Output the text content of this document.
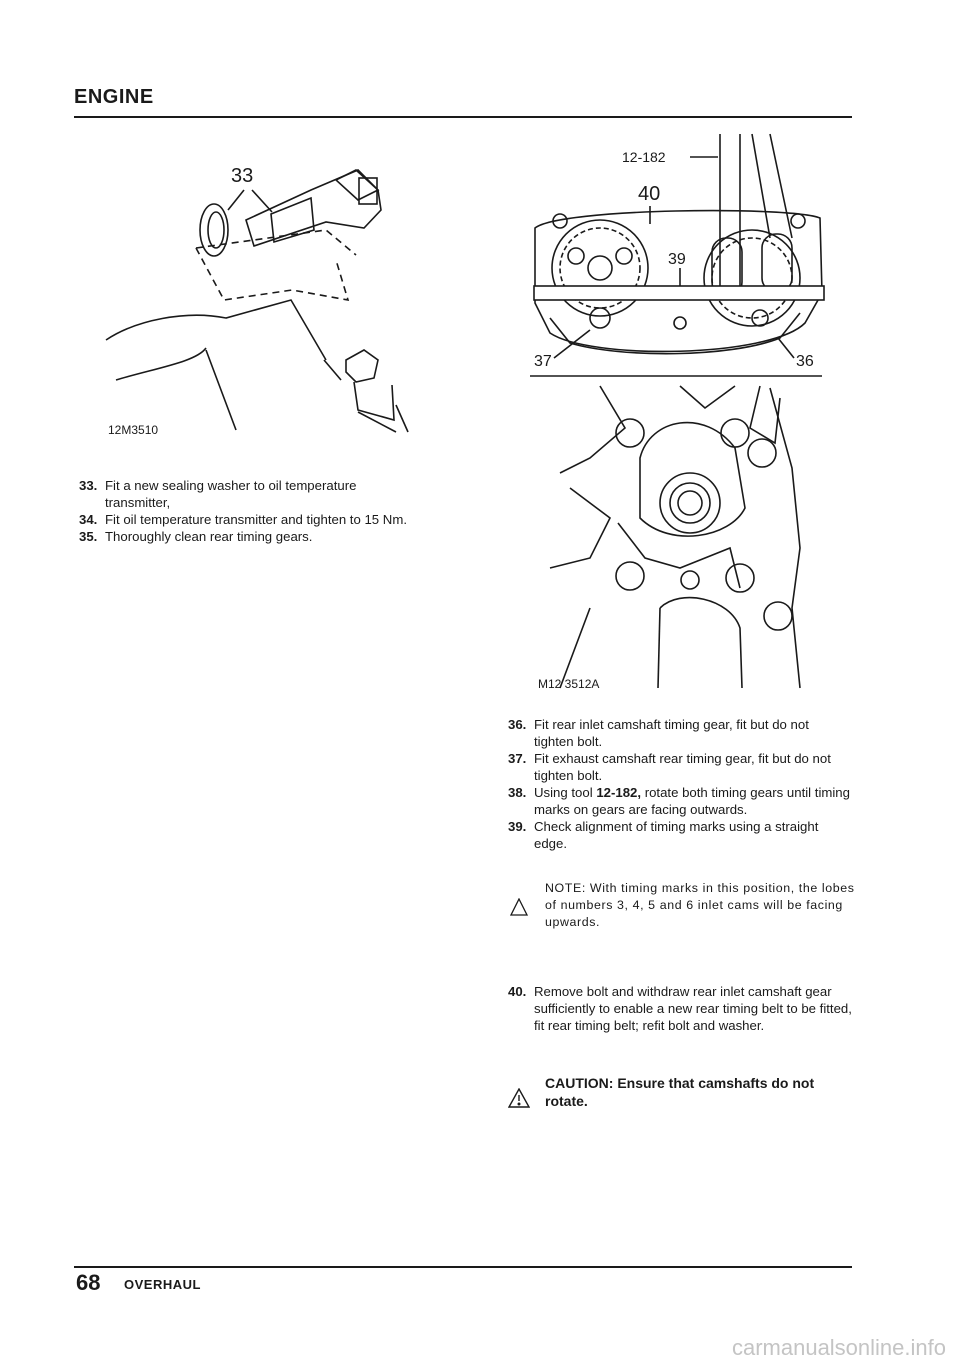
ENGINE
33
12M3510
33. Fit a new sealing washer to oil temperature transmitter,
34. Fit oil temperature transmitter and tighten to 15 Nm.
35. Thoroughly clean rear timing gears.
12-182
40
39
37	36
M12 3512A
36. Fit rear inlet camshaft timing gear, fit but do not tighten bolt.
37. Fit exhaust camshaft rear timing gear, fit but do not tighten bolt.
38. Using tool 12-182, rotate both timing gears until timing marks on gears are facing outwards.
39. Check alignment of timing marks using a straight edge.
NOTE: With timing marks in this position, the lobes of numbers 3, 4, 5 and 6 inlet cams will be facing upwards.
40. Remove bolt and withdraw rear inlet camshaft gear sufficiently to enable a new rear timing belt to be fitted, fit rear timing belt; refit bolt and washer.
CAUTION: Ensure that camshafts do not rotate.
68 OVERHAUL
carmanualsonline.info
